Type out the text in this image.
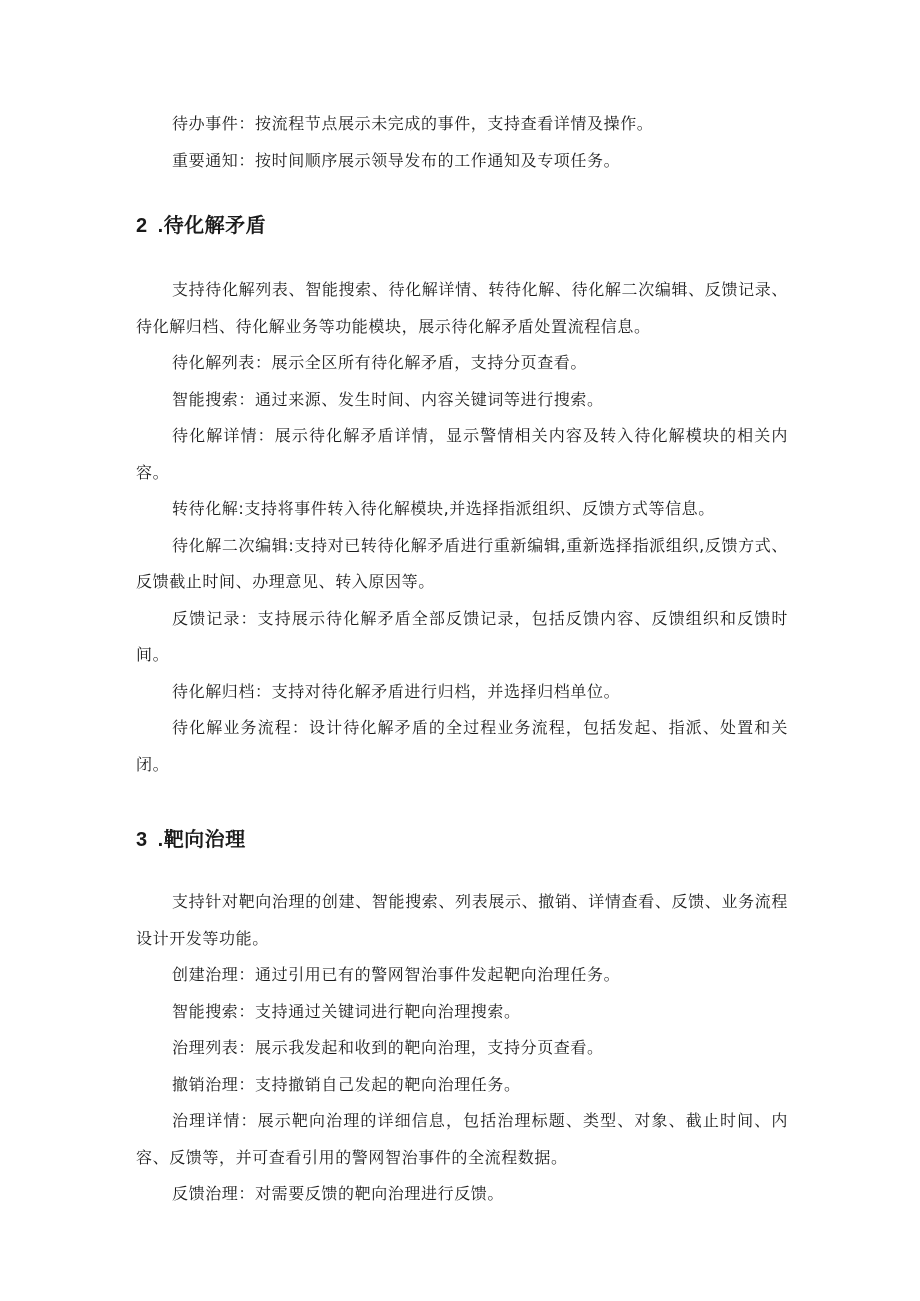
待办事件：按流程节点展示未完成的事件，支持查看详情及操作。

重要通知：按时间顺序展示领导发布的工作通知及专项任务。

2 .待化解矛盾

支持待化解列表、智能搜索、待化解详情、转待化解、待化解二次编辑、反馈记录、待化解归档、待化解业务等功能模块，展示待化解矛盾处置流程信息。

待化解列表：展示全区所有待化解矛盾，支持分页查看。

智能搜索：通过来源、发生时间、内容关键词等进行搜索。

待化解详情：展示待化解矛盾详情，显示警情相关内容及转入待化解模块的相关内容。

转待化解:支持将事件转入待化解模块,并选择指派组织、反馈方式等信息。

待化解二次编辑:支持对已转待化解矛盾进行重新编辑,重新选择指派组织,反馈方式、反馈截止时间、办理意见、转入原因等。

反馈记录：支持展示待化解矛盾全部反馈记录，包括反馈内容、反馈组织和反馈时间。

待化解归档：支持对待化解矛盾进行归档，并选择归档单位。

待化解业务流程：设计待化解矛盾的全过程业务流程，包括发起、指派、处置和关闭。

3 .靶向治理

支持针对靶向治理的创建、智能搜索、列表展示、撤销、详情查看、反馈、业务流程设计开发等功能。

创建治理：通过引用已有的警网智治事件发起靶向治理任务。

智能搜索：支持通过关键词进行靶向治理搜索。

治理列表：展示我发起和收到的靶向治理，支持分页查看。

撤销治理：支持撤销自己发起的靶向治理任务。

治理详情：展示靶向治理的详细信息，包括治理标题、类型、对象、截止时间、内容、反馈等，并可查看引用的警网智治事件的全流程数据。

反馈治理：对需要反馈的靶向治理进行反馈。
